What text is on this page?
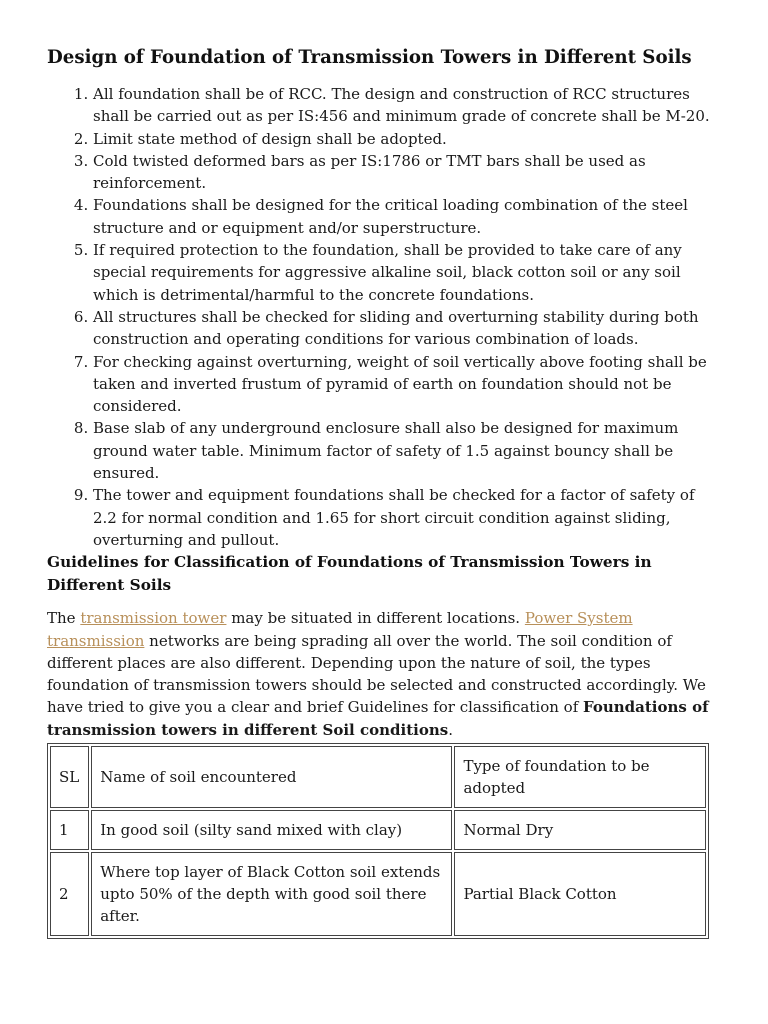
Design of Foundation of Transmission Towers in Different Soils
1. All foundation shall be of RCC. The design and construction of RCC structures shall be carried out as per IS:456 and minimum grade of concrete shall be M-20.
2. Limit state method of design shall be adopted.
3. Cold twisted deformed bars as per IS:1786 or TMT bars shall be used as reinforcement.
4. Foundations shall be designed for the critical loading combination of the steel structure and or equipment and/or superstructure.
5. If required protection to the foundation, shall be provided to take care of any special requirements for aggressive alkaline soil, black cotton soil or any soil which is detrimental/harmful to the concrete foundations.
6. All structures shall be checked for sliding and overturning stability during both construction and operating conditions for various combination of loads.
7. For checking against overturning, weight of soil vertically above footing shall be taken and inverted frustum of pyramid of earth on foundation should not be considered.
8. Base slab of any underground enclosure shall also be designed for maximum ground water table. Minimum factor of safety of 1.5 against bouncy shall be ensured.
9. The tower and equipment foundations shall be checked for a factor of safety of 2.2 for normal condition and 1.65 for short circuit condition against sliding, overturning and pullout.
Guidelines for Classification of Foundations of Transmission Towers in Different Soils

The transmission tower may be situated in different locations. Power System transmission networks are being sprading all over the world. The soil condition of different places are also different. Depending upon the nature of soil, the types foundation of transmission towers should be selected and constructed accordingly. We have tried to give you a clear and brief Guidelines for classification of Foundations of transmission towers in different Soil conditions.

SL	Name of soil encountered	Type of foundation to be adopted
1	In good soil (silty sand mixed with clay)	Normal Dry
2	Where top layer of Black Cotton soil extends upto 50% of the depth with good soil there after.	Partial Black Cotton
